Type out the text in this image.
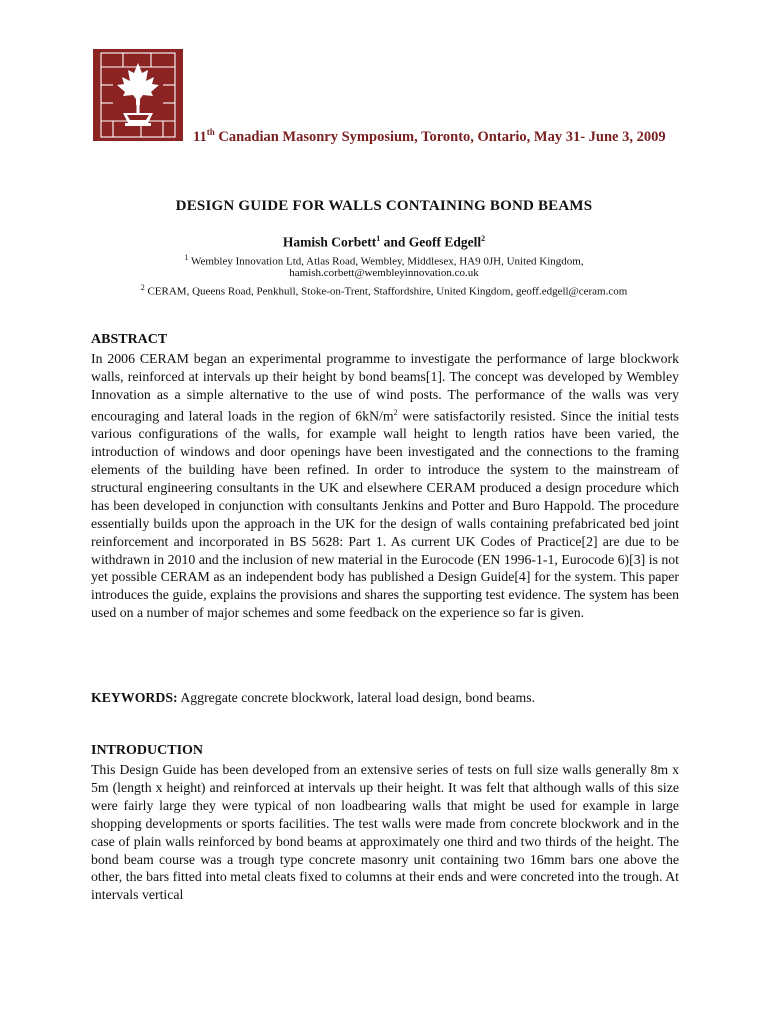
11th Canadian Masonry Symposium, Toronto, Ontario, May 31- June 3, 2009
DESIGN GUIDE FOR WALLS CONTAINING BOND BEAMS
Hamish Corbett$^1$ and Geoff Edgell$^2$
$^1$ Wembley Innovation Ltd, Atlas Road, Wembley, Middlesex, HA9 0JH, United Kingdom,
hamish.corbett@wembleyinnovation.co.uk
$^2$ CERAM, Queens Road, Penkhull, Stoke-on-Trent, Staffordshire, United Kingdom, geoff.edgell@ceram.com
ABSTRACT

In 2006 CERAM began an experimental programme to investigate the performance of large blockwork walls, reinforced at intervals up their height by bond beams[1]. The concept was developed by Wembley Innovation as a simple alternative to the use of wind posts. The performance of the walls was very encouraging and lateral loads in the region of $6kN/m^2$ were satisfactorily resisted. Since the initial tests various configurations of the walls, for example wall height to length ratios have been varied, the introduction of windows and door openings have been investigated and the connections to the framing elements of the building have been refined. In order to introduce the system to the mainstream of structural engineering consultants in the UK and elsewhere CERAM produced a design procedure which has been developed in conjunction with consultants Jenkins and Potter and Buro Happold. The procedure essentially builds upon the approach in the UK for the design of walls containing prefabricated bed joint reinforcement and incorporated in BS 5628: Part 1. As current UK Codes of Practice[2] are due to be withdrawn in 2010 and the inclusion of new material in the Eurocode (EN 1996-1-1, Eurocode 6)[3] is not yet possible CERAM as an independent body has published a Design Guide[4] for the system. This paper introduces the guide, explains the provisions and shares the supporting test evidence. The system has been used on a number of major schemes and some feedback on the experience so far is given.

KEYWORDS: Aggregate concrete blockwork, lateral load design, bond beams.
INTRODUCTION

This Design Guide has been developed from an extensive series of tests on full size walls generally 8m x 5m (length x height) and reinforced at intervals up their height. It was felt that although walls of this size were fairly large they were typical of non loadbearing walls that might be used for example in large shopping developments or sports facilities. The test walls were made from concrete blockwork and in the case of plain walls reinforced by bond beams at approximately one third and two thirds of the height. The bond beam course was a trough type concrete masonry unit containing two 16mm bars one above the other, the bars fitted into metal cleats fixed to columns at their ends and were concreted into the trough. At intervals vertical
